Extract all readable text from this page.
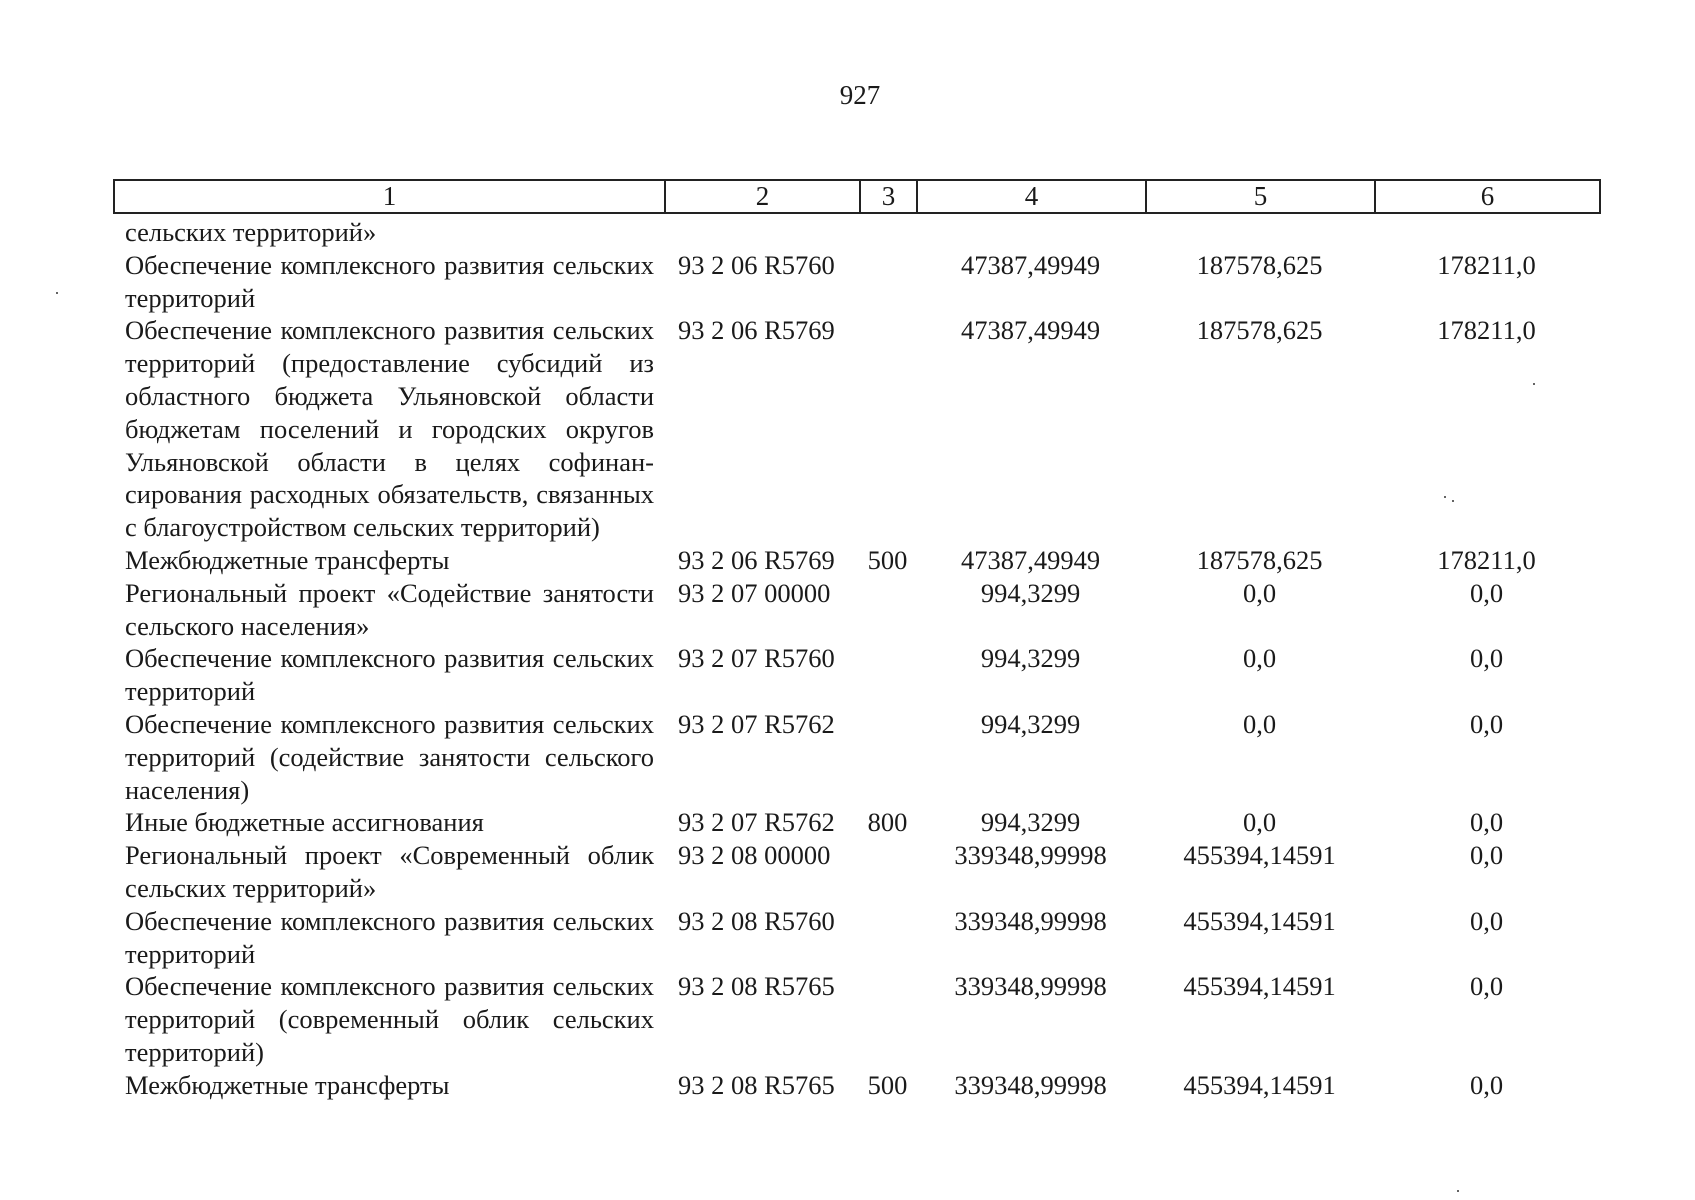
927
1	2	3	4	5	6
сельских территорий»					
Обеспечение комплексного развития сельских территорий	93 2 06 R5760		47387,49949	187578,625	178211,0
Обеспечение комплексного развития сельских территорий (предоставление субсидий из областного бюджета Ульяновской области бюджетам поселений и городских округов Ульяновской области в целях софинансирования расходных обязательств, связанных с благоустройством сельских территорий)	93 2 06 R5769		47387,49949	187578,625	178211,0
Межбюджетные трансферты	93 2 06 R5769	500	47387,49949	187578,625	178211,0
Региональный проект «Содействие занятости сельского населения»	93 2 07 00000		994,3299	0,0	0,0
Обеспечение комплексного развития сельских территорий	93 2 07 R5760		994,3299	0,0	0,0
Обеспечение комплексного развития сельских территорий (содействие занятости сельского населения)	93 2 07 R5762		994,3299	0,0	0,0
Иные бюджетные ассигнования	93 2 07 R5762	800	994,3299	0,0	0,0
Региональный проект «Современный облик сельских территорий»	93 2 08 00000		339348,99998	455394,14591	0,0
Обеспечение комплексного развития сельских территорий	93 2 08 R5760		339348,99998	455394,14591	0,0
Обеспечение комплексного развития сельских территорий (современный облик сельских территорий)	93 2 08 R5765		339348,99998	455394,14591	0,0
Межбюджетные трансферты	93 2 08 R5765	500	339348,99998	455394,14591	0,0
